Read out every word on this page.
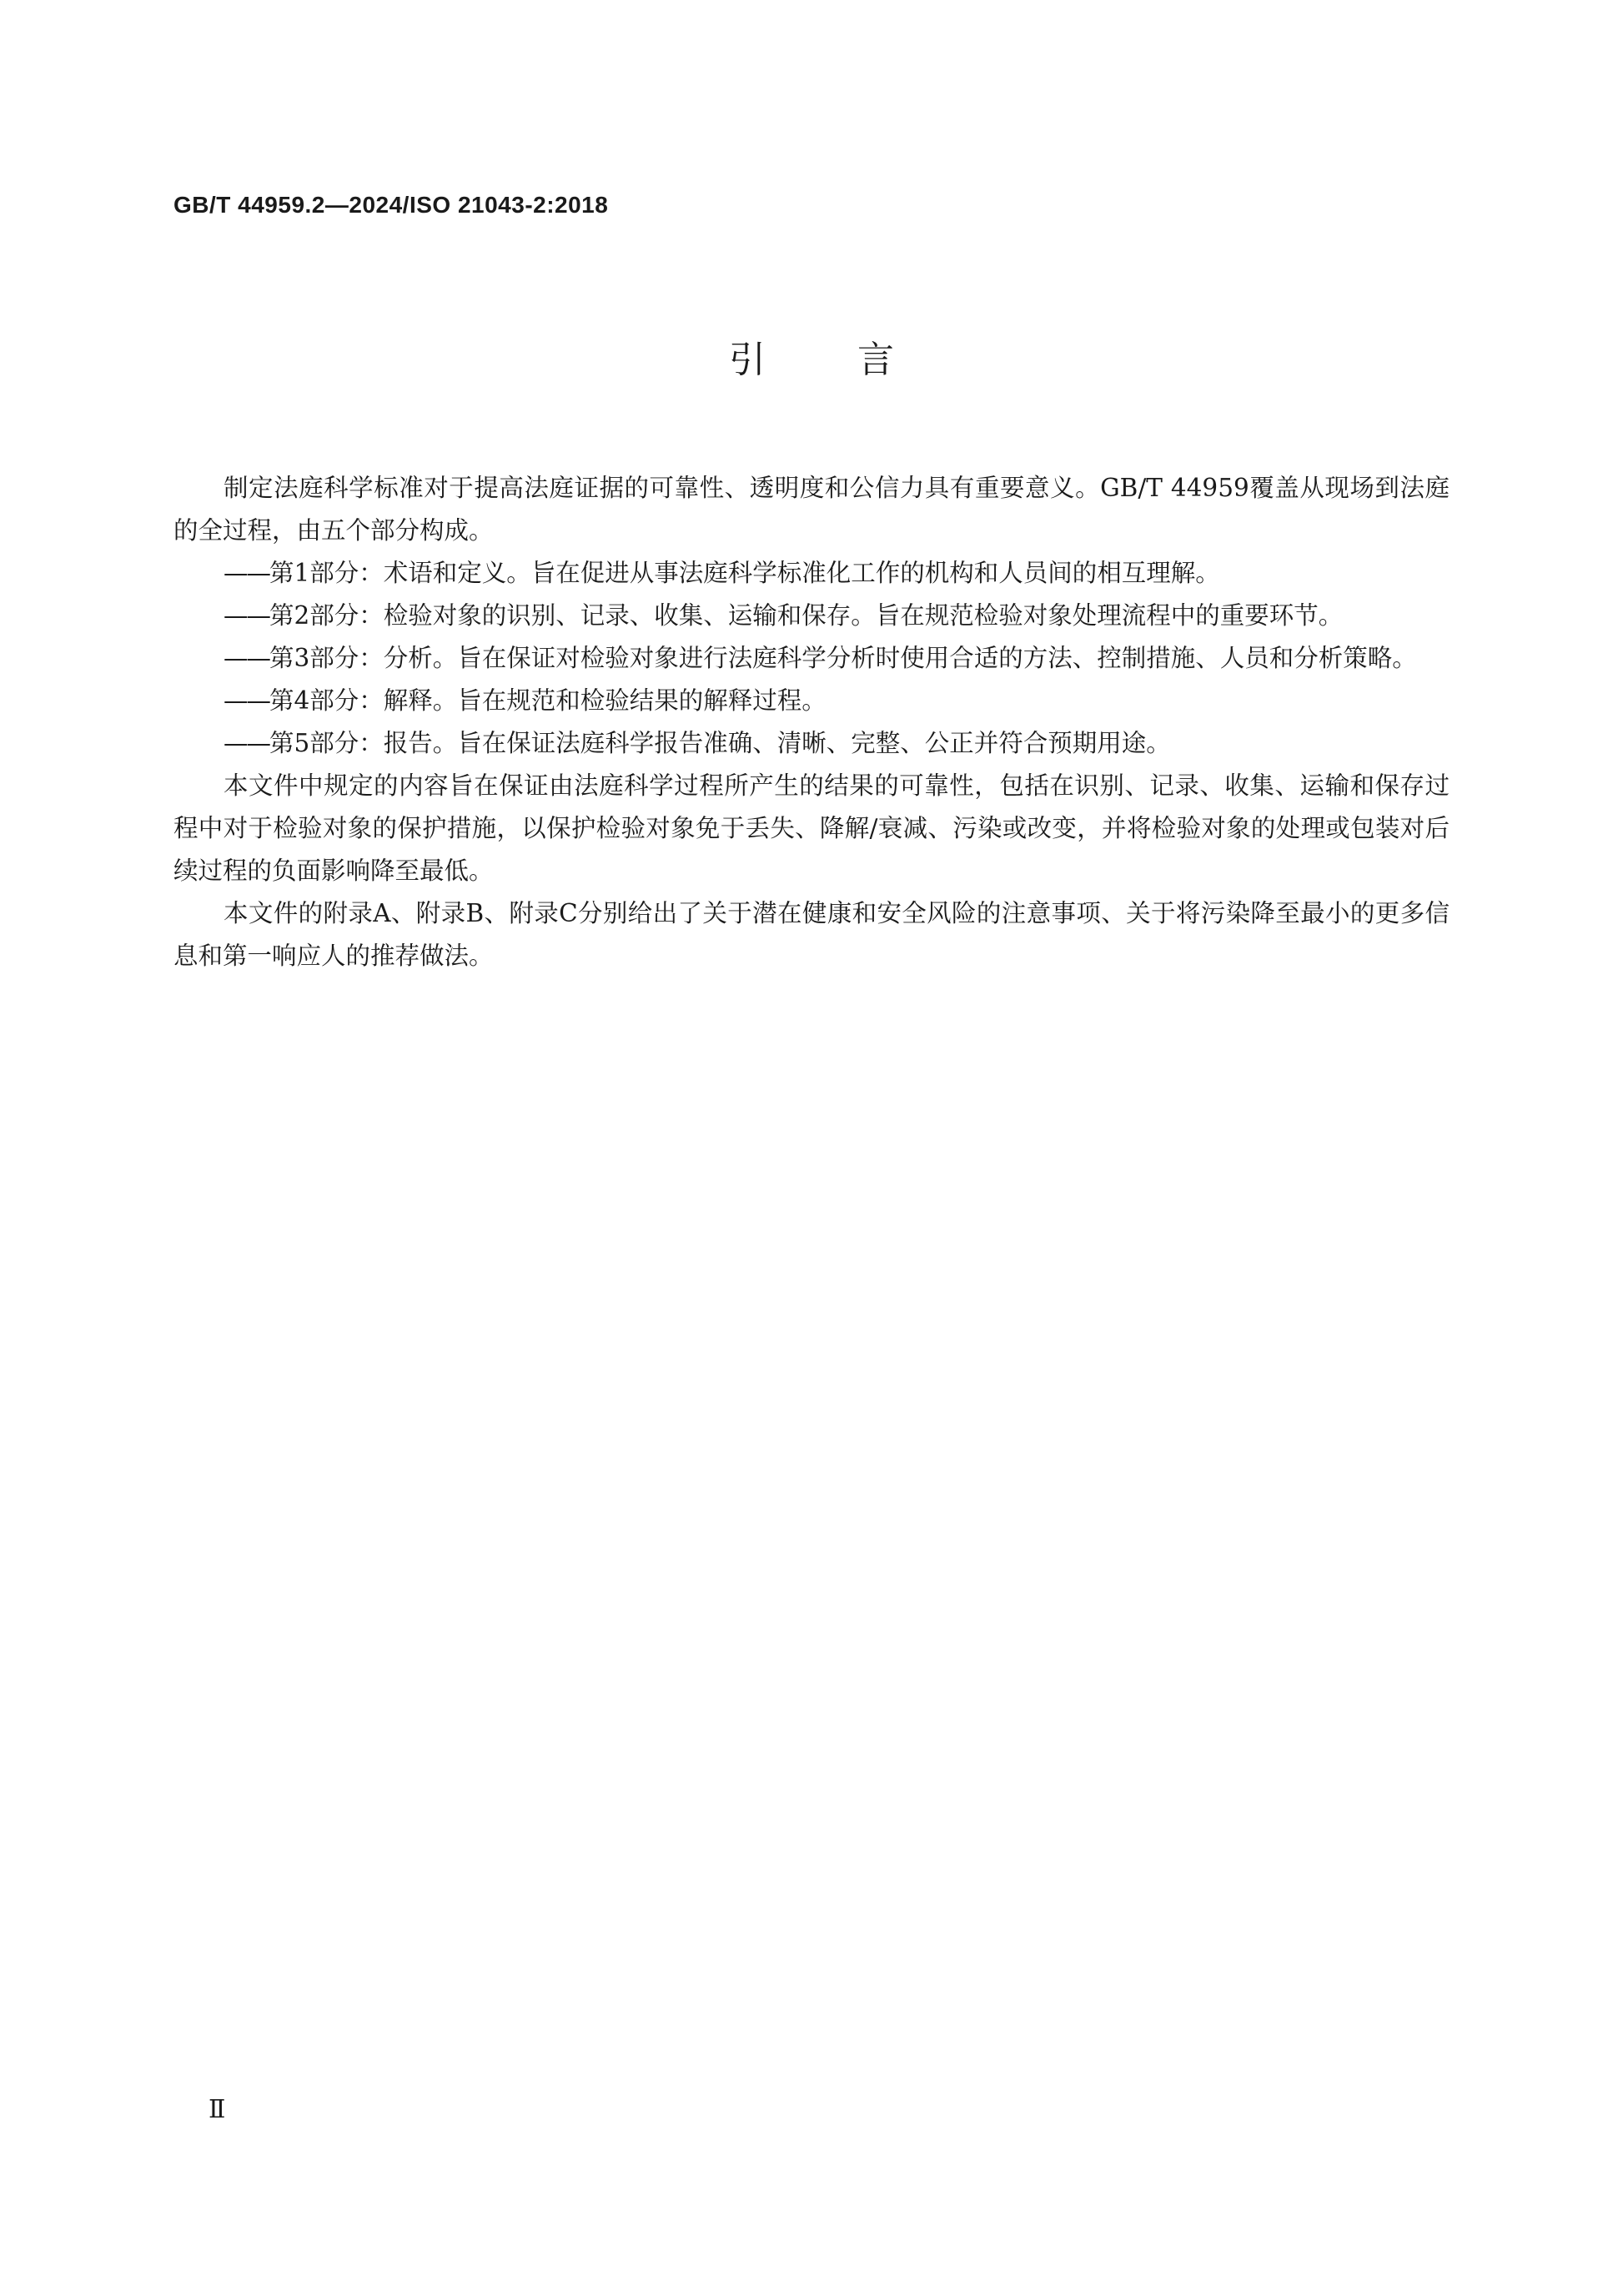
GB/T 44959.2—2024/ISO 21043-2:2018
引言

制定法庭科学标准对于提高法庭证据的可靠性、透明度和公信力具有重要意义。GB/T 44959覆盖从现场到法庭的全过程，由五个部分构成。

——第1部分：术语和定义。旨在促进从事法庭科学标准化工作的机构和人员间的相互理解。

——第2部分：检验对象的识别、记录、收集、运输和保存。旨在规范检验对象处理流程中的重要环节。

——第3部分：分析。旨在保证对检验对象进行法庭科学分析时使用合适的方法、控制措施、人员和分析策略。

——第4部分：解释。旨在规范和检验结果的解释过程。

——第5部分：报告。旨在保证法庭科学报告准确、清晰、完整、公正并符合预期用途。

本文件中规定的内容旨在保证由法庭科学过程所产生的结果的可靠性，包括在识别、记录、收集、运输和保存过程中对于检验对象的保护措施，以保护检验对象免于丢失、降解/衰减、污染或改变，并将检验对象的处理或包装对后续过程的负面影响降至最低。

本文件的附录A、附录B、附录C分别给出了关于潜在健康和安全风险的注意事项、关于将污染降至最小的更多信息和第一响应人的推荐做法。

Ⅱ
